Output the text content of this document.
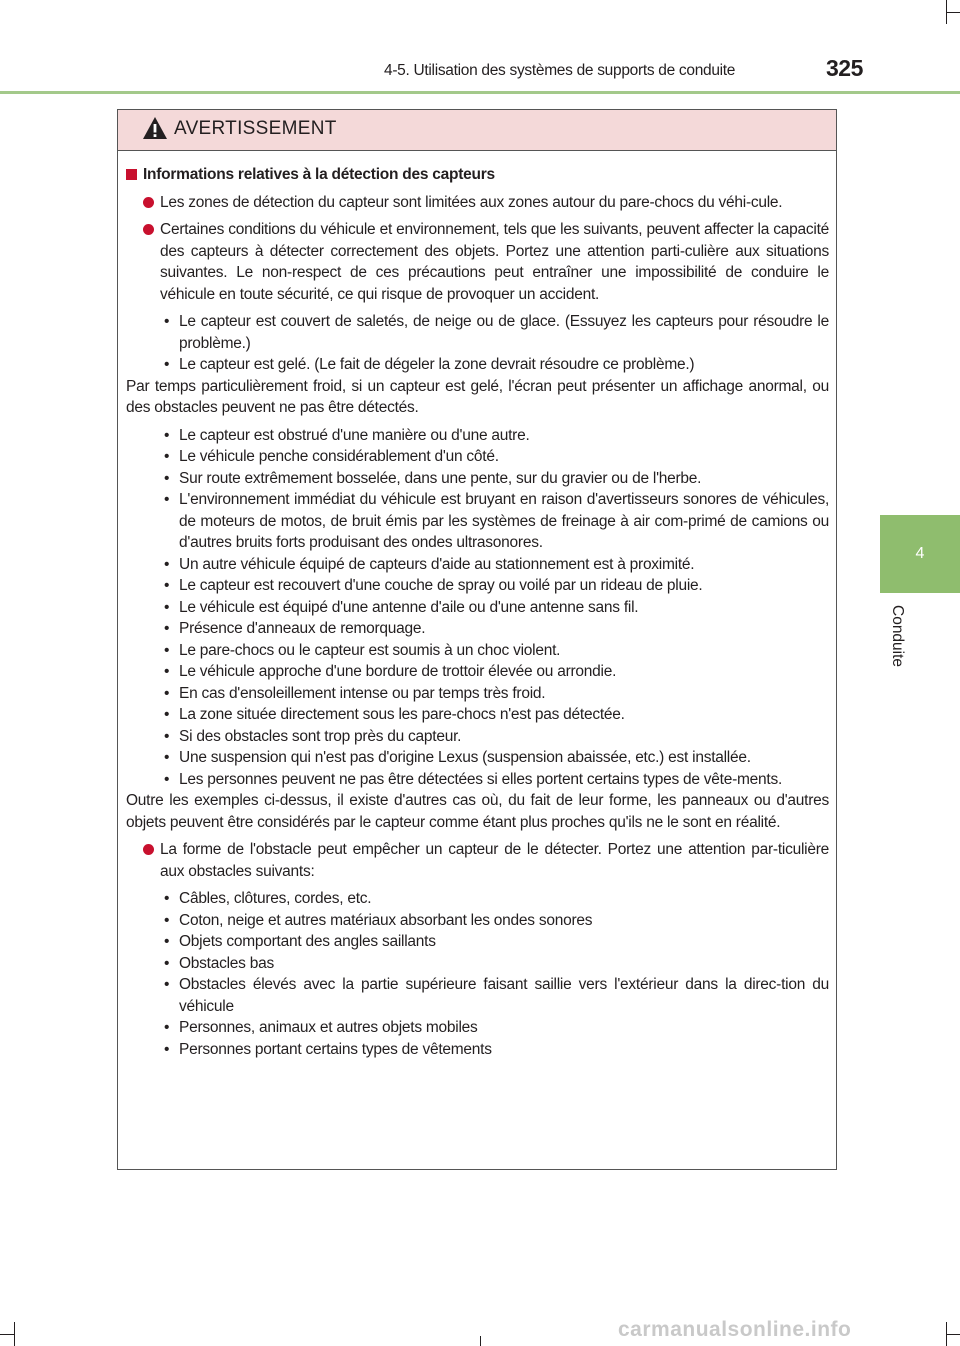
4-5. Utilisation des systèmes de supports de conduite	325
4
Conduite
AVERTISSEMENT
Informations relatives à la détection des capteurs
Les zones de détection du capteur sont limitées aux zones autour du pare-chocs du véhi-cule.
Certaines conditions du véhicule et environnement, tels que les suivants, peuvent affecter la capacité des capteurs à détecter correctement des objets. Portez une attention parti-culière aux situations suivantes. Le non-respect de ces précautions peut entraîner une impossibilité de conduire le véhicule en toute sécurité, ce qui risque de provoquer un accident.
• Le capteur est couvert de saletés, de neige ou de glace. (Essuyez les capteurs pour résoudre le problème.)
• Le capteur est gelé. (Le fait de dégeler la zone devrait résoudre ce problème.)
Par temps particulièrement froid, si un capteur est gelé, l'écran peut présenter un affichage anormal, ou des obstacles peuvent ne pas être détectés.
• Le capteur est obstrué d'une manière ou d'une autre.
• Le véhicule penche considérablement d'un côté.
• Sur route extrêmement bosselée, dans une pente, sur du gravier ou de l'herbe.
• L'environnement immédiat du véhicule est bruyant en raison d'avertisseurs sonores de véhicules, de moteurs de motos, de bruit émis par les systèmes de freinage à air com-primé de camions ou d'autres bruits forts produisant des ondes ultrasonores.
• Un autre véhicule équipé de capteurs d'aide au stationnement est à proximité.
• Le capteur est recouvert d'une couche de spray ou voilé par un rideau de pluie.
• Le véhicule est équipé d'une antenne d'aile ou d'une antenne sans fil.
• Présence d'anneaux de remorquage.
• Le pare-chocs ou le capteur est soumis à un choc violent.
• Le véhicule approche d'une bordure de trottoir élevée ou arrondie.
• En cas d'ensoleillement intense ou par temps très froid.
• La zone située directement sous les pare-chocs n'est pas détectée.
• Si des obstacles sont trop près du capteur.
• Une suspension qui n'est pas d'origine Lexus (suspension abaissée, etc.) est installée.
• Les personnes peuvent ne pas être détectées si elles portent certains types de vête-ments.
Outre les exemples ci-dessus, il existe d'autres cas où, du fait de leur forme, les panneaux ou d'autres objets peuvent être considérés par le capteur comme étant plus proches qu'ils ne le sont en réalité.
La forme de l'obstacle peut empêcher un capteur de le détecter. Portez une attention par-ticulière aux obstacles suivants:
• Câbles, clôtures, cordes, etc.
• Coton, neige et autres matériaux absorbant les ondes sonores
• Objets comportant des angles saillants
• Obstacles bas
• Obstacles élevés avec la partie supérieure faisant saillie vers l'extérieur dans la direc-tion du véhicule
• Personnes, animaux et autres objets mobiles
• Personnes portant certains types de vêtements
carmanualsonline.info
